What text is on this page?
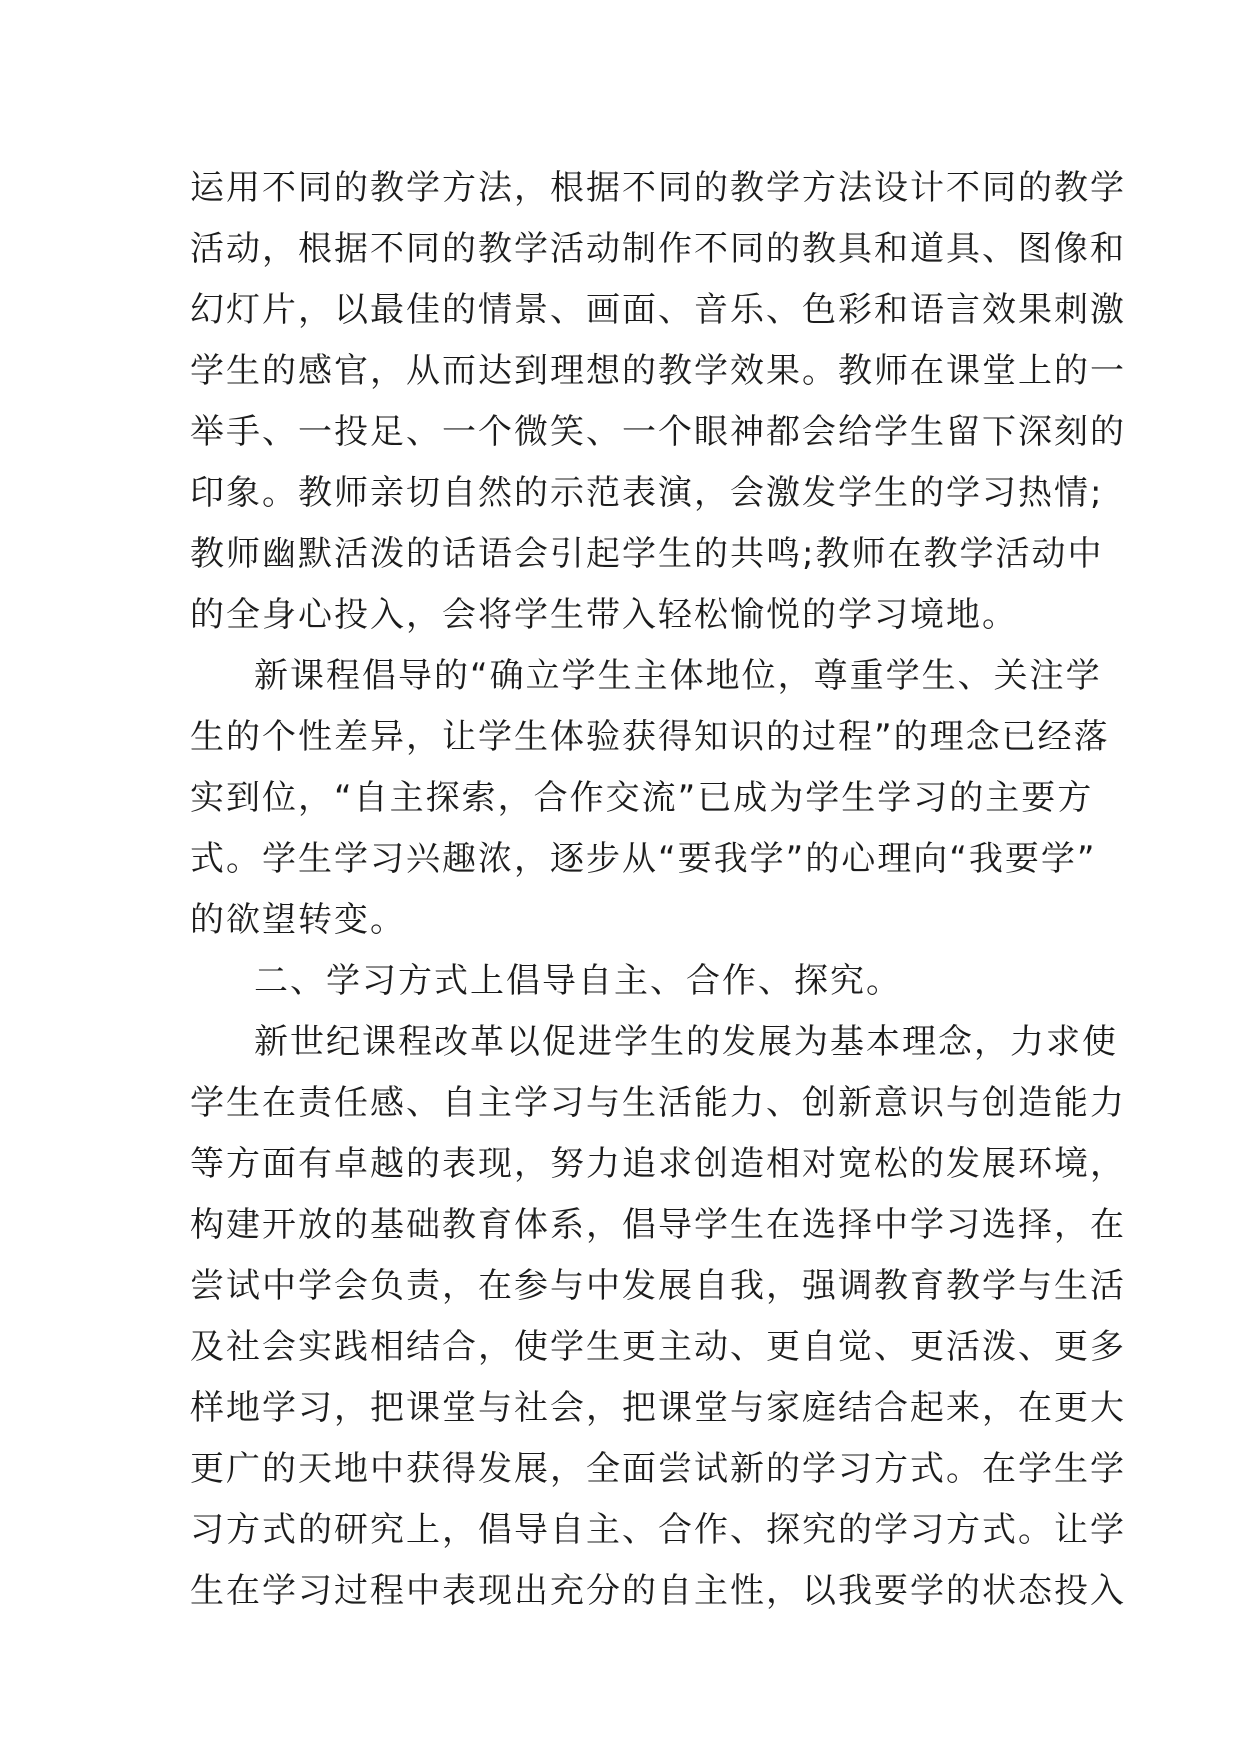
运用不同的教学方法，根据不同的教学方法设计不同的教学
活动，根据不同的教学活动制作不同的教具和道具、图像和
幻灯片，以最佳的情景、画面、音乐、色彩和语言效果刺激
学生的感官，从而达到理想的教学效果。教师在课堂上的一
举手、一投足、一个微笑、一个眼神都会给学生留下深刻的
印象。教师亲切自然的示范表演，会激发学生的学习热情;
教师幽默活泼的话语会引起学生的共鸣;教师在教学活动中
的全身心投入，会将学生带入轻松愉悦的学习境地。
新课程倡导的“确立学生主体地位，尊重学生、关注学
生的个性差异，让学生体验获得知识的过程”的理念已经落
实到位，“自主探索，合作交流”已成为学生学习的主要方
式。学生学习兴趣浓，逐步从“要我学”的心理向“我要学”
的欲望转变。
二、学习方式上倡导自主、合作、探究。
新世纪课程改革以促进学生的发展为基本理念，力求使
学生在责任感、自主学习与生活能力、创新意识与创造能力
等方面有卓越的表现，努力追求创造相对宽松的发展环境，
构建开放的基础教育体系，倡导学生在选择中学习选择，在
尝试中学会负责，在参与中发展自我，强调教育教学与生活
及社会实践相结合，使学生更主动、更自觉、更活泼、更多
样地学习，把课堂与社会，把课堂与家庭结合起来，在更大
更广的天地中获得发展，全面尝试新的学习方式。在学生学
习方式的研究上，倡导自主、合作、探究的学习方式。让学
生在学习过程中表现出充分的自主性，以我要学的状态投入
